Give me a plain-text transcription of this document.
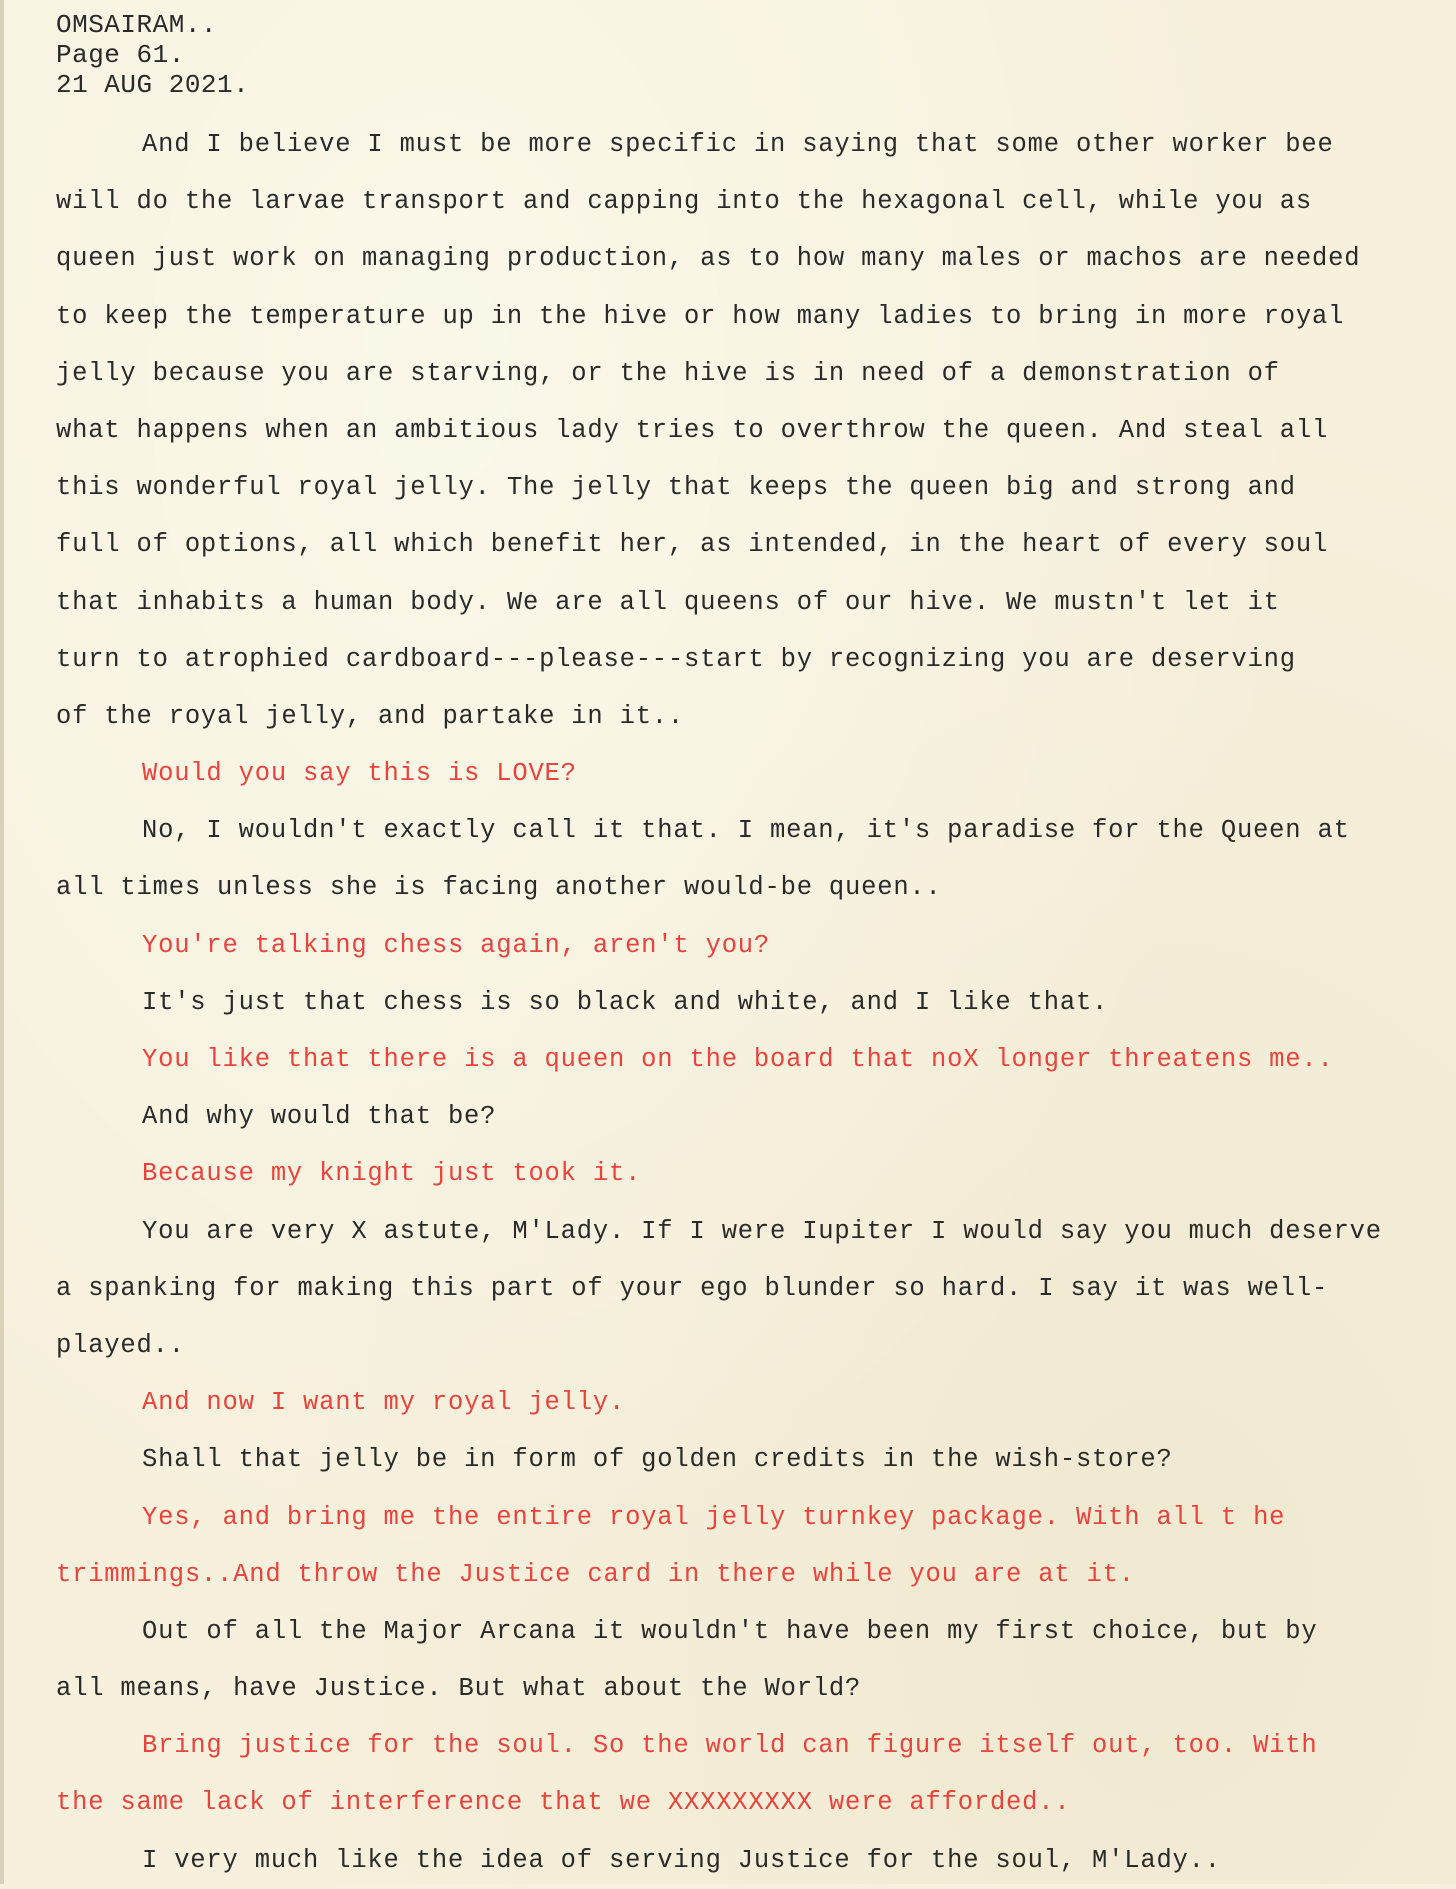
OMSAIRAM..
Page 61.
21 AUG 2021.
And I believe I must be more specific in saying that some other worker bee
will do the larvae transport and capping into the hexagonal cell, while you as
queen just work on managing production, as to how many males or machos are needed
to keep the temperature up in the hive or how many ladies to bring in more royal
jelly because you are starving, or the hive is in need of a demonstration of
what happens when an ambitious lady tries to overthrow the queen. And steal all
this wonderful royal jelly. The jelly that keeps the queen big and strong and
full of options, all which benefit her, as intended, in the heart of every soul
that inhabits a human body. We are all queens of our hive. We mustn't let it
turn to atrophied cardboard---please---start by recognizing you are deserving
of the royal jelly, and partake in it..
Would you say this is LOVE?
No, I wouldn't exactly call it that. I mean, it's paradise for the Queen at
all times unless she is facing another would-be queen..
You're talking chess again, aren't you?
It's just that chess is so black and white, and I like that.
You like that there is a queen on the board that noX longer threatens me..
And why would that be?
Because my knight just took it.
You are very X astute, M'Lady. If I were Iupiter I would say you much deserve
a spanking for making this part of your ego blunder so hard. I say it was well-
played..
And now I want my royal jelly.
Shall that jelly be in form of golden credits in the wish-store?
Yes, and bring me the entire royal jelly turnkey package. With all t he
trimmings..And throw the Justice card in there while you are at it.
Out of all the Major Arcana it wouldn't have been my first choice, but by
all means, have Justice. But what about the World?
Bring justice for the soul. So the world can figure itself out, too. With
the same lack of interference that we XXXXXXXXX were afforded..
I very much like the idea of serving Justice for the soul, M'Lady..
